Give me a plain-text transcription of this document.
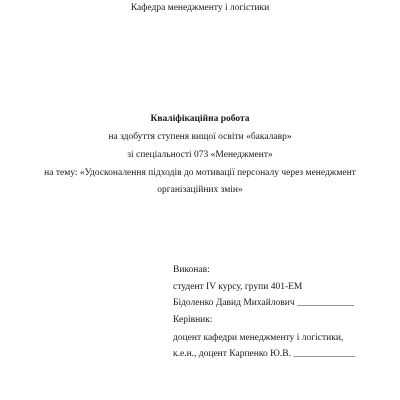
Кафедра менеджменту і логістики
Кваліфікаційна робота
на здобуття ступеня вищої освіти «бакалавр»
зі спеціальності 073 «Менеджмент»
на тему: «Удосконалення підходів до мотивації персоналу через менеджмент
організаційних змін»
Виконав:
студент IV курсу, групи 401-ЕМ
Бідоленко Давид Михайлович ____________
Керівник:
доцент кафедри менеджменту і логістики,
к.е.н., доцент Карпенко Ю.В. _____________
